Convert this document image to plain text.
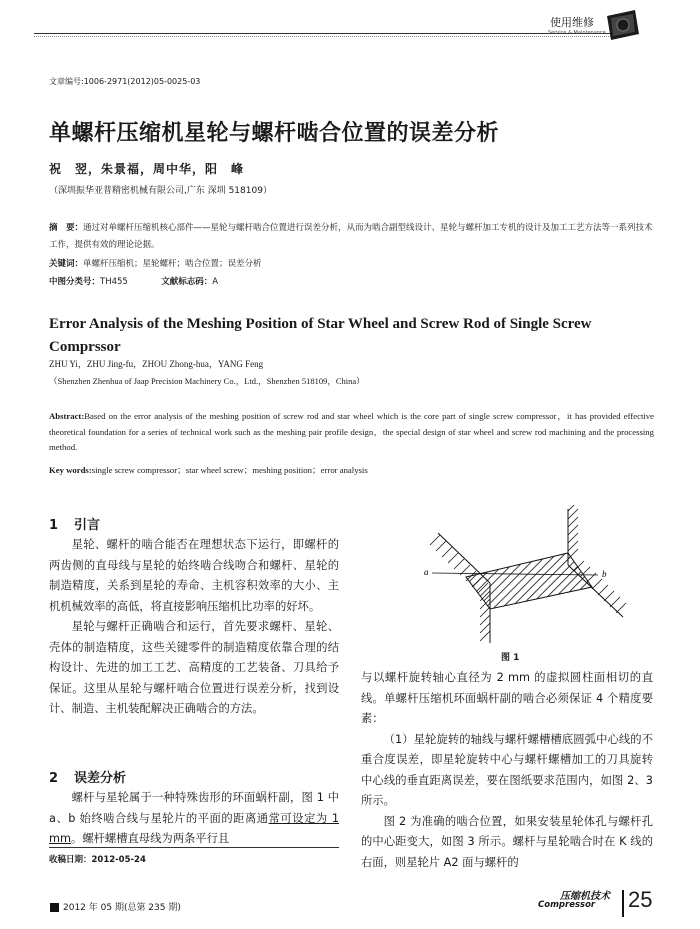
使用维修
Service & Maintenance
文章编号:1006-2971(2012)05-0025-03
单螺杆压缩机星轮与螺杆啮合位置的误差分析
祝　翌，朱景福，周中华，阳　峰
（深圳振华亚普精密机械有限公司,广东 深圳 518109）
摘　要：通过对单螺杆压缩机核心部件——星轮与螺杆啮合位置进行误差分析，从而为啮合副型线设计、星轮与螺杆加工专机的设计及加工工艺方法等一系列技术工作，提供有效的理论论据。
关键词：单螺杆压缩机；星轮螺杆；啮合位置；误差分析
中图分类号：TH455	文献标志码：A
Error Analysis of the Meshing Position of Star Wheel and Screw Rod of Single Screw Comprssor
ZHU Yi，ZHU Jing-fu，ZHOU Zhong-hua，YANG Feng
（Shenzhen Zhenhua of Jaap Precision Machinery Co.，Ltd.，Shenzhen 518109，China）
Abstract:Based on the error analysis of the meshing position of screw rod and star wheel which is the core part of single screw compressor，it has provided effective theoretical foundation for a series of technical work such as the meshing pair profile design，the special design of star wheel and screw rod machining and the processing method.
Key words:single screw compressor；star wheel screw；meshing position；error analysis
1 引言

星轮、螺杆的啮合能否在理想状态下运行，即螺杆的两齿侧的直母线与星轮的始终啮合线吻合和螺杆、星轮的制造精度，关系到星轮的寿命、主机容积效率的大小、主机机械效率的高低，将直接影响压缩机比功率的好坏。

星轮与螺杆正确啮合和运行，首先要求螺杆、星轮、壳体的制造精度，这些关键零件的制造精度依靠合理的结构设计、先进的加工工艺、高精度的工艺装备、刀具给予保证。这里从星轮与螺杆啮合位置进行误差分析，找到设计、制造、主机装配解决正确啮合的方法。

2 误差分析

螺杆与星轮属于一种特殊齿形的环面蜗杆副，图 1 中 a、b 始终啮合线与星轮片的平面的距离通常可设定为 1 mm。螺杆螺槽直母线为两条平行且

收稿日期：2012-05-24
a	b
图 1

与以螺杆旋转轴心直径为 2 mm 的虚拟圆柱面相切的直线。单螺杆压缩机环面蜗杆副的啮合必须保证 4 个精度要素：

（1）星轮旋转的轴线与螺杆螺槽槽底圆弧中心线的不重合度误差，即星轮旋转中心与螺杆螺槽加工的刀具旋转中心线的垂直距离误差，要在图纸要求范围内，如图 2、3 所示。

图 2 为准确的啮合位置，如果安装星轮体孔与螺杆孔的中心距变大，如图 3 所示。螺杆与星轮啮合时在 K 线的右面，则星轮片 A2 面与螺杆的

2012 年 05 期(总第 235 期)
压缩机技术
Compressor 25
